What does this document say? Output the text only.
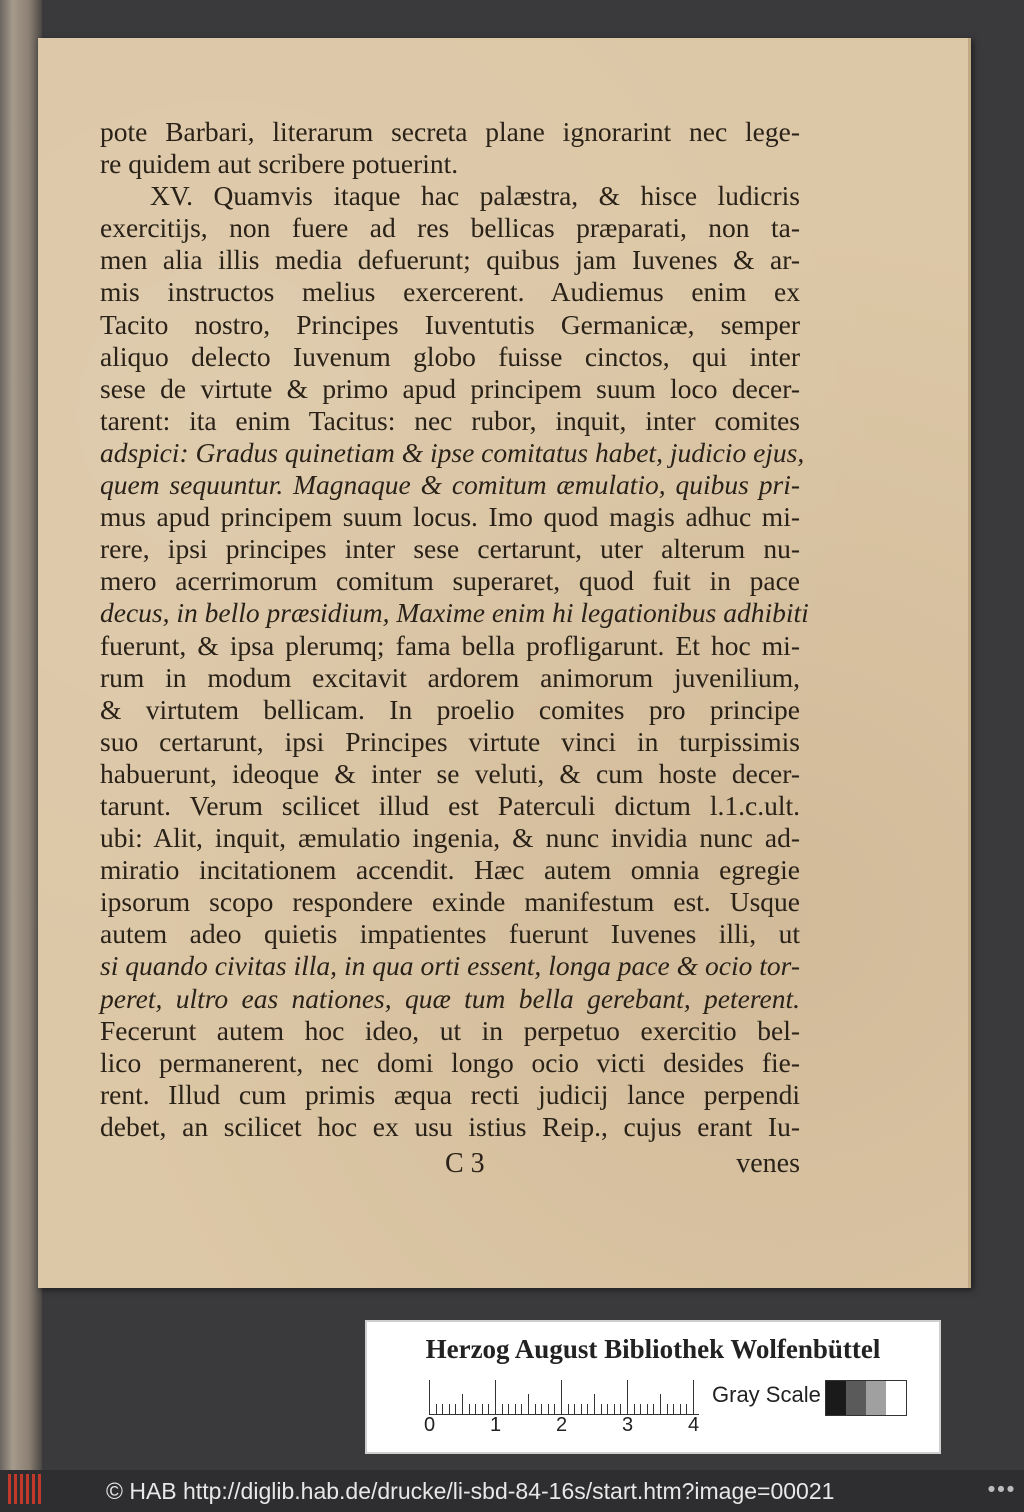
pote Barbari, literarum secreta plane ignorarint nec lege-
re quidem aut scribere potuerint.
XV. Quamvis itaque hac palæstra, & hisce ludicris
exercitijs, non fuere ad res bellicas præparati, non ta-
men alia illis media defuerunt; quibus jam Iuvenes & ar-
mis instructos melius exercerent. Audiemus enim ex
Tacito nostro, Principes Iuventutis Germanicæ, semper
aliquo delecto Iuvenum globo fuisse cinctos, qui inter
sese de virtute & primo apud principem suum loco decer-
tarent: ita enim Tacitus: nec rubor, inquit, inter comites
adspici: Gradus quinetiam & ipse comitatus habet, judicio ejus,
quem sequuntur. Magnaque & comitum æmulatio, quibus pri-
mus apud principem suum locus. Imo quod magis adhuc mi-
rere, ipsi principes inter sese certarunt, uter alterum nu-
mero acerrimorum comitum superaret, quod fuit in pace
decus, in bello præsidium, Maxime enim hi legationibus adhibiti
fuerunt, & ipsa plerumq; fama bella profligarunt. Et hoc mi-
rum in modum excitavit ardorem animorum juvenilium,
& virtutem bellicam. In proelio comites pro principe
suo certarunt, ipsi Principes virtute vinci in turpissimis
habuerunt, ideoque & inter se veluti, & cum hoste decer-
tarunt. Verum scilicet illud est Paterculi dictum l.1.c.ult.
ubi: Alit, inquit, æmulatio ingenia, & nunc invidia nunc ad-
miratio incitationem accendit. Hæc autem omnia egregie
ipsorum scopo respondere exinde manifestum est. Usque
autem adeo quietis impatientes fuerunt Iuvenes illi, ut
si quando civitas illa, in qua orti essent, longa pace & ocio tor-
peret, ultro eas nationes, quæ tum bella gerebant, peterent.
Fecerunt autem hoc ideo, ut in perpetuo exercitio bel-
lico permanerent, nec domi longo ocio victi desides fie-
rent. Illud cum primis æqua recti judicij lance perpendi
debet, an scilicet hoc ex usu istius Reip., cujus erant Iu-
C 3	venes
Herzog August Bibliothek Wolfenbüttel
0	1	2	3	4
Gray Scale
© HAB http://diglib.hab.de/drucke/li-sbd-84-16s/start.htm?image=00021	● ● ●
